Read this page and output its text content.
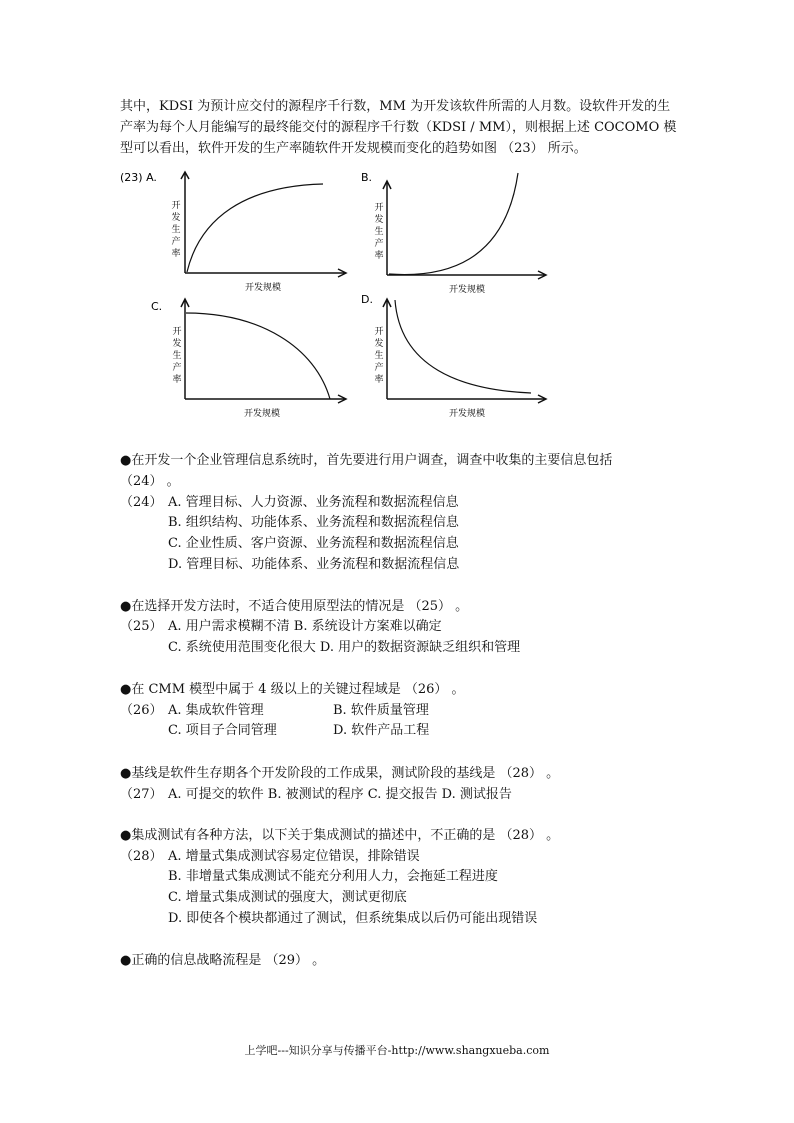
其中，KDSI 为预计应交付的源程序千行数，MM 为开发该软件所需的人月数。设软件开发的生产率为每个人月能编写的最终能交付的源程序千行数（KDSI / MM），则根据上述 COCOMO 模型可以看出，软件开发的生产率随软件开发规模而变化的趋势如图 （23） 所示。
(23) A.
开
发
生
产
率
开发规模
B.
开
发
生
产
率
开发规模
C.
开
发
生
产
率
开发规模
D.
开
发
生
产
率
开发规模
●在开发一个企业管理信息系统时，首先要进行用户调查，调查中收集的主要信息包括
（24） 。
（24） A. 管理目标、人力资源、业务流程和数据流程信息
B. 组织结构、功能体系、业务流程和数据流程信息
C. 企业性质、客户资源、业务流程和数据流程信息
D. 管理目标、功能体系、业务流程和数据流程信息
●在选择开发方法时，不适合使用原型法的情况是 （25） 。
（25） A. 用户需求模糊不清 B. 系统设计方案难以确定
C. 系统使用范围变化很大 D. 用户的数据资源缺乏组织和管理
●在 CMM 模型中属于 4 级以上的关键过程域是 （26） 。
（26） A. 集成软件管理	B. 软件质量管理
C. 项目子合同管理	D. 软件产品工程
●基线是软件生存期各个开发阶段的工作成果，测试阶段的基线是 （28） 。
（27） A. 可提交的软件 B. 被测试的程序 C. 提交报告 D. 测试报告
●集成测试有各种方法，以下关于集成测试的描述中，不正确的是 （28） 。
（28） A. 增量式集成测试容易定位错误，排除错误
B. 非增量式集成测试不能充分利用人力，会拖延工程进度
C. 增量式集成测试的强度大，测试更彻底
D. 即使各个模块都通过了测试，但系统集成以后仍可能出现错误
●正确的信息战略流程是 （29） 。
上学吧---知识分享与传播平台-http://www.shangxueba.com
